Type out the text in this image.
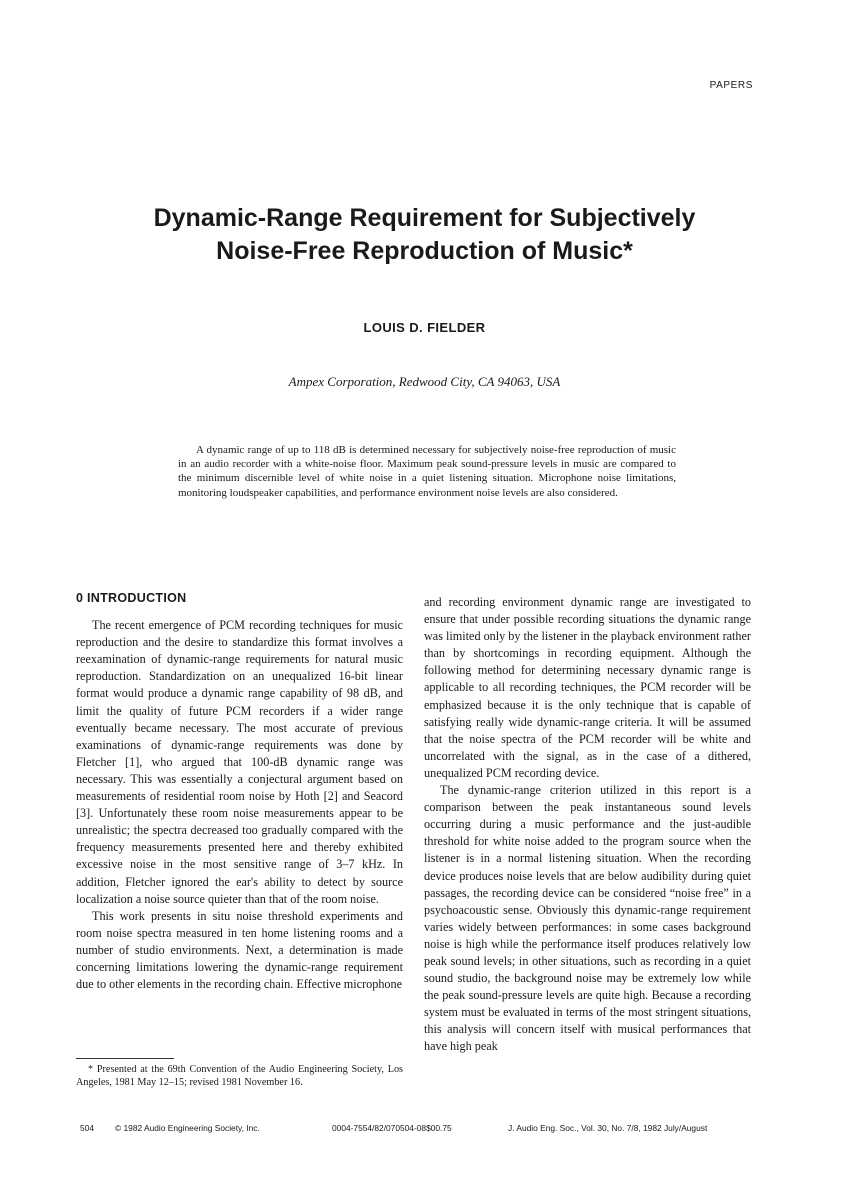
PAPERS
Dynamic-Range Requirement for Subjectively
Noise-Free Reproduction of Music*
LOUIS D. FIELDER
Ampex Corporation, Redwood City, CA 94063, USA

A dynamic range of up to 118 dB is determined necessary for subjectively noise-free reproduction of music in an audio recorder with a white-noise floor. Maximum peak sound-pressure levels in music are compared to the minimum discernible level of white noise in a quiet listening situation. Microphone noise limitations, monitoring loudspeaker capabilities, and performance environment noise levels are also considered.

0 INTRODUCTION

The recent emergence of PCM recording techniques for music reproduction and the desire to standardize this format involves a reexamination of dynamic-range requirements for natural music reproduction. Standardization on an unequalized 16-bit linear format would produce a dynamic range capability of 98 dB, and limit the quality of future PCM recorders if a wider range eventually became necessary. The most accurate of previous examinations of dynamic-range requirements was done by Fletcher [1], who argued that 100-dB dynamic range was necessary. This was essentially a conjectural argument based on measurements of residential room noise by Hoth [2] and Seacord [3]. Unfortunately these room noise measurements appear to be unrealistic; the spectra decreased too gradually compared with the frequency measurements presented here and thereby exhibited excessive noise in the most sensitive range of 3–7 kHz. In addition, Fletcher ignored the ear's ability to detect by source localization a noise source quieter than that of the room noise.

This work presents in situ noise threshold experiments and room noise spectra measured in ten home listening rooms and a number of studio environments. Next, a determination is made concerning limitations lowering the dynamic-range requirement due to other elements in the recording chain. Effective microphone

and recording environment dynamic range are investigated to ensure that under possible recording situations the dynamic range was limited only by the listener in the playback environment rather than by shortcomings in recording equipment. Although the following method for determining necessary dynamic range is applicable to all recording techniques, the PCM recorder will be emphasized because it is the only technique that is capable of satisfying really wide dynamic-range criteria. It will be assumed that the noise spectra of the PCM recorder will be white and uncorrelated with the signal, as in the case of a dithered, unequalized PCM recording device.

The dynamic-range criterion utilized in this report is a comparison between the peak instantaneous sound levels occurring during a music performance and the just-audible threshold for white noise added to the program source when the listener is in a normal listening situation. When the recording device produces noise levels that are below audibility during quiet passages, the recording device can be considered “noise free” in a psychoacoustic sense. Obviously this dynamic-range requirement varies widely between performances: in some cases background noise is high while the performance itself produces relatively low peak sound levels; in other situations, such as recording in a quiet sound studio, the background noise may be extremely low while the peak sound-pressure levels are quite high. Because a recording system must be evaluated in terms of the most stringent situations, this analysis will concern itself with musical performances that have high peak

* Presented at the 69th Convention of the Audio Engineering Society, Los Angeles, 1981 May 12–15; revised 1981 November 16.

504	© 1982 Audio Engineering Society, Inc.	0004-7554/82/070504-08$00.75	J. Audio Eng. Soc., Vol. 30, No. 7/8, 1982 July/August
